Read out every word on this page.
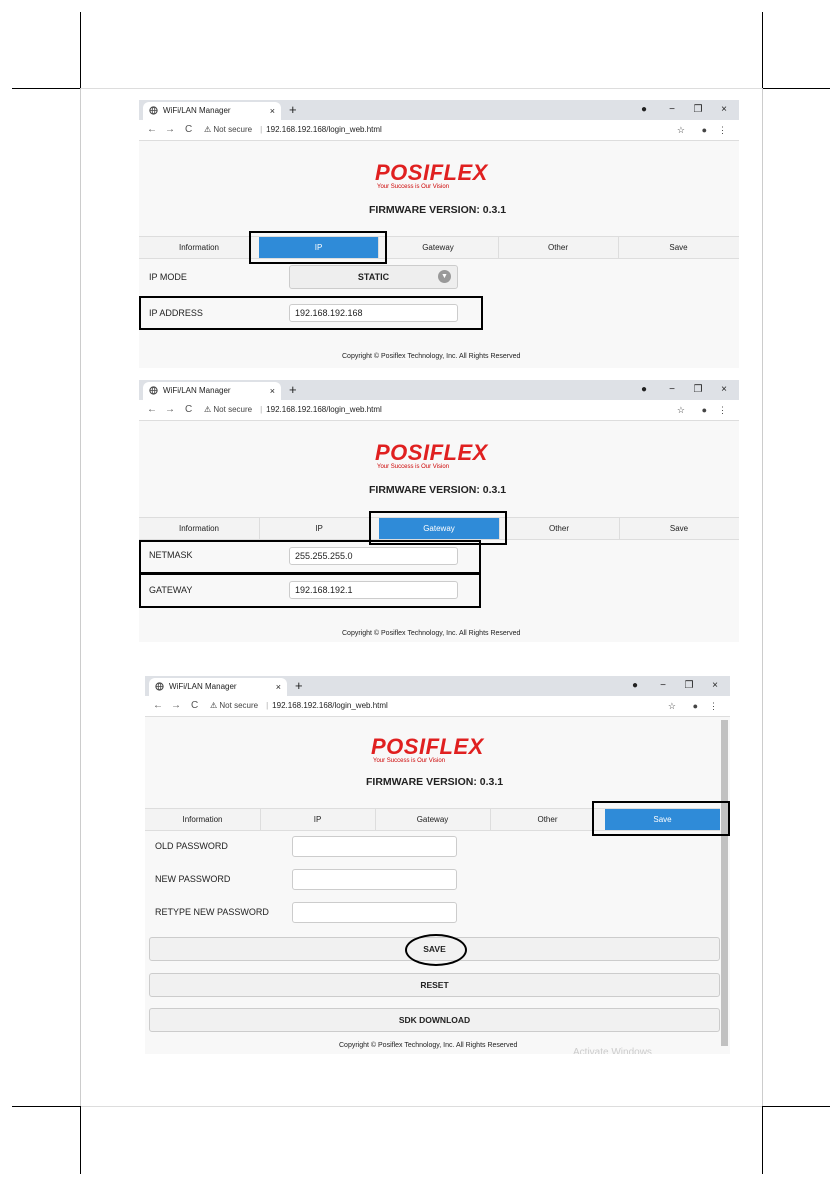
WiFi/LAN Manager	× +	●	−	❐	×
← → C ⚠ Not secure | 192.168.192.168/login_web.html	☆ ● ⋮
POSIFLEX
Your Success is Our Vision
FIRMWARE VERSION: 0.3.1
Information	IP	Gateway	Other	Save
IP MODE	STATIC	▼
IP ADDRESS	192.168.192.168
Copyright © Posiflex Technology, Inc. All Rights Reserved
WiFi/LAN Manager	× +	●	−	❐	×
← → C ⚠ Not secure | 192.168.192.168/login_web.html	☆ ● ⋮
POSIFLEX
Your Success is Our Vision
FIRMWARE VERSION: 0.3.1
Information	IP	Gateway	Other	Save
NETMASK	255.255.255.0
GATEWAY	192.168.192.1
Copyright © Posiflex Technology, Inc. All Rights Reserved
WiFi/LAN Manager	× +	●	−	❐	×
← → C ⚠ Not secure | 192.168.192.168/login_web.html	☆ ● ⋮
POSIFLEX
Your Success is Our Vision
FIRMWARE VERSION: 0.3.1
Information	IP	Gateway	Other	Save
OLD PASSWORD
NEW PASSWORD
RETYPE NEW PASSWORD
SAVE
RESET
SDK DOWNLOAD
Copyright © Posiflex Technology, Inc. All Rights Reserved
Activate Windows
